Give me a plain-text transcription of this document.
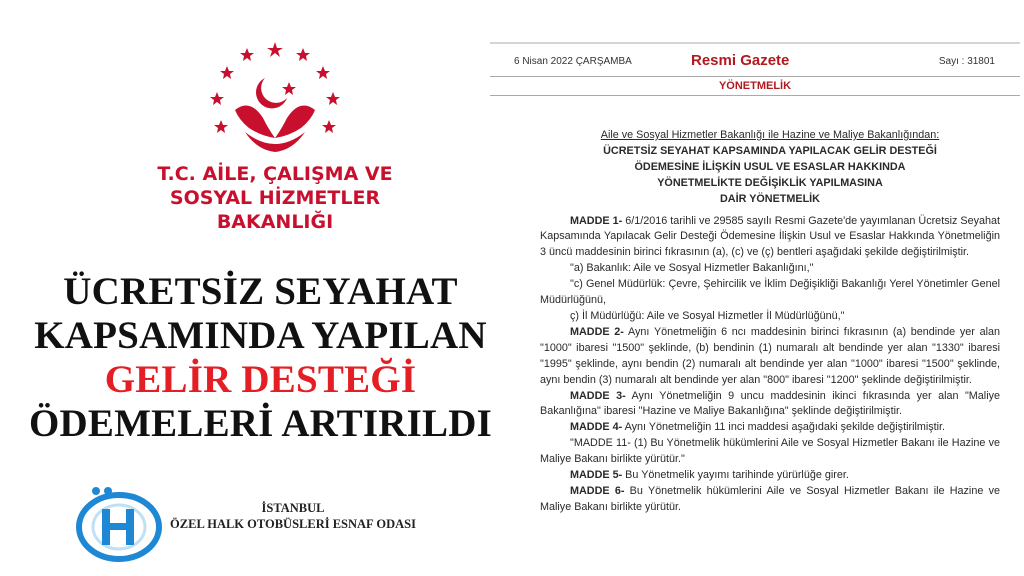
T.C. AİLE, ÇALIŞMA VE
SOSYAL HİZMETLER BAKANLIĞI
ÜCRETSİZ SEYAHAT
KAPSAMINDA YAPILAN
GELİR DESTEĞİ
ÖDEMELERİ ARTIRILDI
İSTANBUL
ÖZEL HALK OTOBÜSLERİ ESNAF ODASI
6 Nisan 2022 ÇARŞAMBA	Resmi Gazete	Sayı : 31801
YÖNETMELİK

Aile ve Sosyal Hizmetler Bakanlığı ile Hazine ve Maliye Bakanlığından:

ÜCRETSİZ SEYAHAT KAPSAMINDA YAPILACAK GELİR DESTEĞİ
ÖDEMESİNE İLİŞKİN USUL VE ESASLAR HAKKINDA
YÖNETMELİKTE DEĞİŞİKLİK YAPILMASINA
DAİR YÖNETMELİK

MADDE 1- 6/1/2016 tarihli ve 29585 sayılı Resmi Gazete'de yayımlanan Ücretsiz Seyahat Kapsamında Yapılacak Gelir Desteği Ödemesine İlişkin Usul ve Esaslar Hakkında Yönetmeliğin 3 üncü maddesinin birinci fıkrasının (a), (c) ve (ç) bentleri aşağıdaki şekilde değiştirilmiştir.

"a) Bakanlık: Aile ve Sosyal Hizmetler Bakanlığını,"

"c) Genel Müdürlük: Çevre, Şehircilik ve İklim Değişikliği Bakanlığı Yerel Yönetimler Genel Müdürlüğünü,

ç) İl Müdürlüğü: Aile ve Sosyal Hizmetler İl Müdürlüğünü,"

MADDE 2- Aynı Yönetmeliğin 6 ncı maddesinin birinci fıkrasının (a) bendinde yer alan "1000" ibaresi "1500" şeklinde, (b) bendinin (1) numaralı alt bendinde yer alan "1330" ibaresi "1995" şeklinde, aynı bendin (2) numaralı alt bendinde yer alan "1000" ibaresi "1500" şeklinde, aynı bendin (3) numaralı alt bendinde yer alan "800" ibaresi "1200" şeklinde değiştirilmiştir.

MADDE 3- Aynı Yönetmeliğin 9 uncu maddesinin ikinci fıkrasında yer alan "Maliye Bakanlığına" ibaresi "Hazine ve Maliye Bakanlığına" şeklinde değiştirilmiştir.

MADDE 4- Aynı Yönetmeliğin 11 inci maddesi aşağıdaki şekilde değiştirilmiştir.

"MADDE 11- (1) Bu Yönetmelik hükümlerini Aile ve Sosyal Hizmetler Bakanı ile Hazine ve Maliye Bakanı birlikte yürütür."

MADDE 5- Bu Yönetmelik yayımı tarihinde yürürlüğe girer.

MADDE 6- Bu Yönetmelik hükümlerini Aile ve Sosyal Hizmetler Bakanı ile Hazine ve Maliye Bakanı birlikte yürütür.
